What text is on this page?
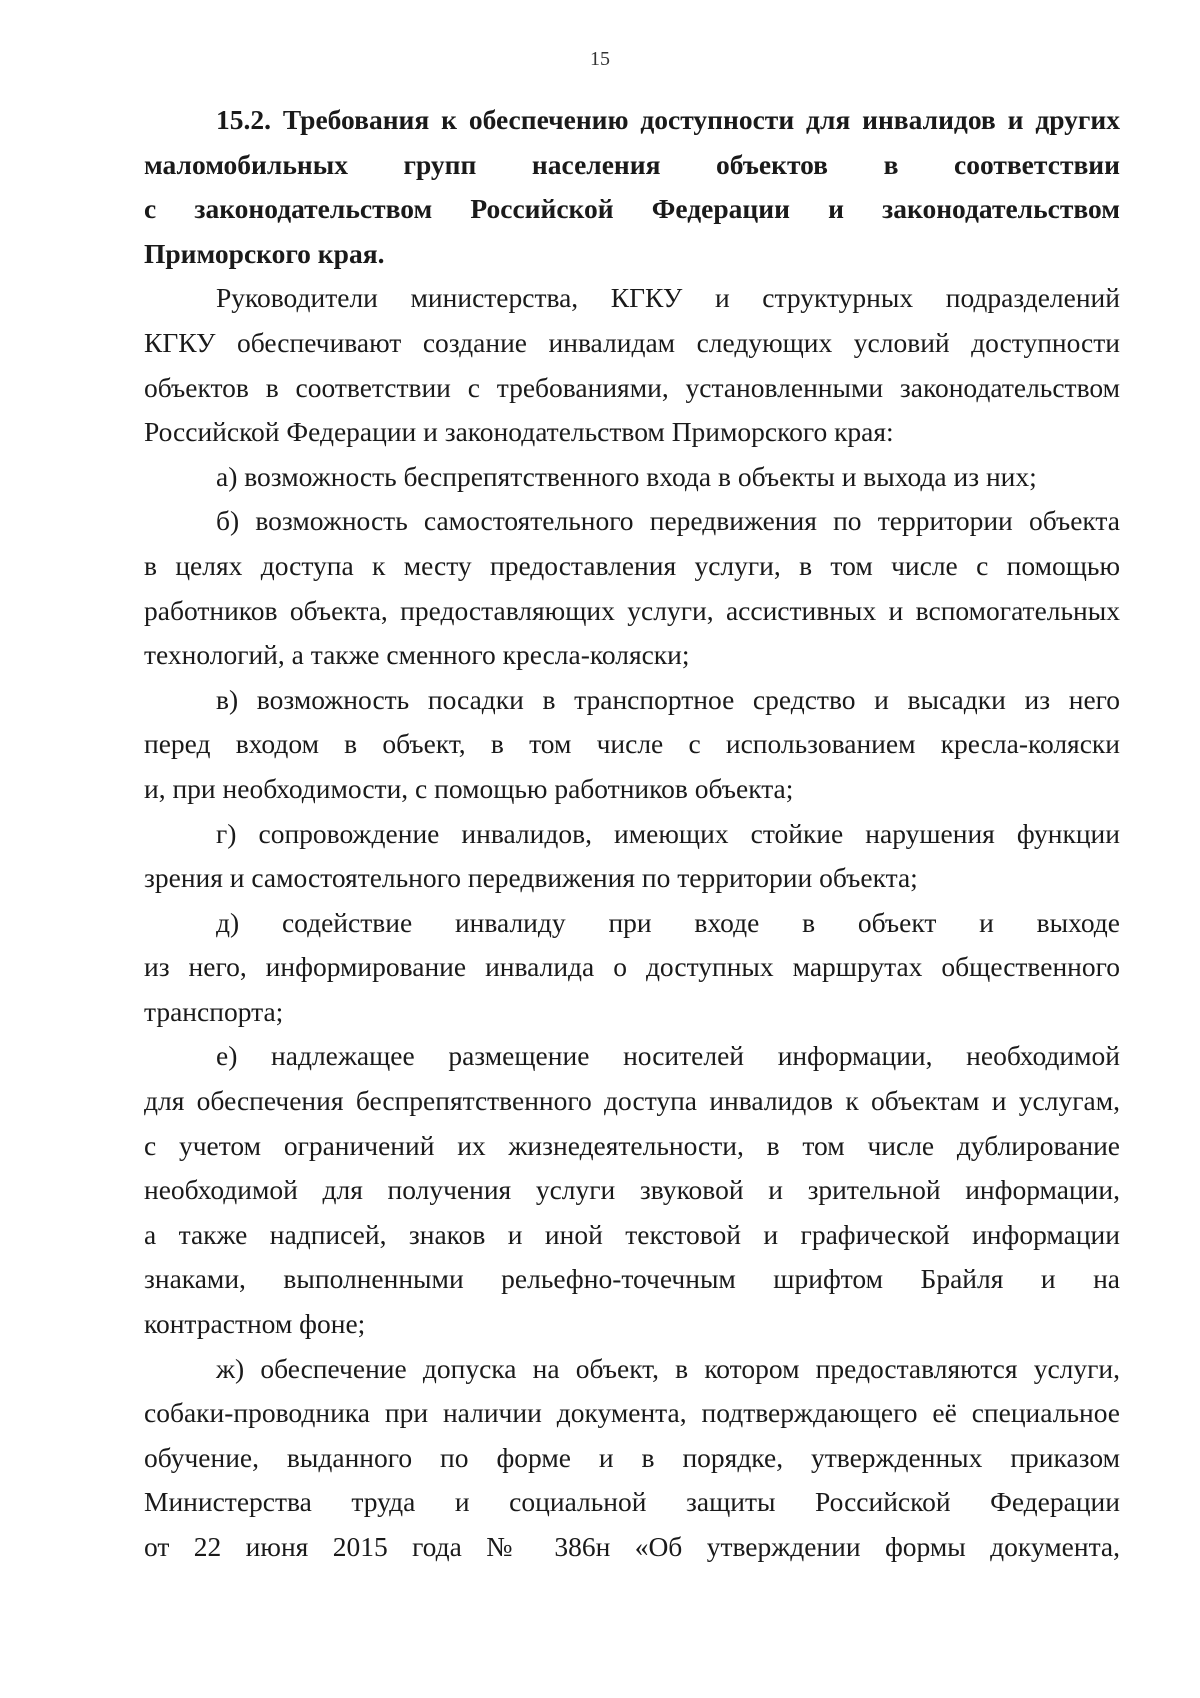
15

15.2. Требования к обеспечению доступности для инвалидов и других
маломобильных групп населения объектов в соответствии
с законодательством Российской Федерации и законодательством
Приморского края.

Руководители министерства, КГКУ и структурных подразделений
КГКУ обеспечивают создание инвалидам следующих условий доступности
объектов в соответствии с требованиями, установленными законодательством
Российской Федерации и законодательством Приморского края:

а) возможность беспрепятственного входа в объекты и выхода из них;

б) возможность самостоятельного передвижения по территории объекта
в целях доступа к месту предоставления услуги, в том числе с помощью
работников объекта, предоставляющих услуги, ассистивных и вспомогательных
технологий, а также сменного кресла-коляски;

в) возможность посадки в транспортное средство и высадки из него
перед входом в объект, в том числе с использованием кресла-коляски
и, при необходимости, с помощью работников объекта;

г) сопровождение инвалидов, имеющих стойкие нарушения функции
зрения и самостоятельного передвижения по территории объекта;

д) содействие инвалиду при входе в объект и выходе
из него, информирование инвалида о доступных маршрутах общественного
транспорта;

е) надлежащее размещение носителей информации, необходимой
для обеспечения беспрепятственного доступа инвалидов к объектам и услугам,
с учетом ограничений их жизнедеятельности, в том числе дублирование
необходимой для получения услуги звуковой и зрительной информации,
а также надписей, знаков и иной текстовой и графической информации
знаками, выполненными рельефно-точечным шрифтом Брайля и на
контрастном фоне;

ж) обеспечение допуска на объект, в котором предоставляются услуги,
собаки-проводника при наличии документа, подтверждающего её специальное
обучение, выданного по форме и в порядке, утвержденных приказом
Министерства труда и социальной защиты Российской Федерации
от 22 июня 2015 года № 386н «Об утверждении формы документа,
